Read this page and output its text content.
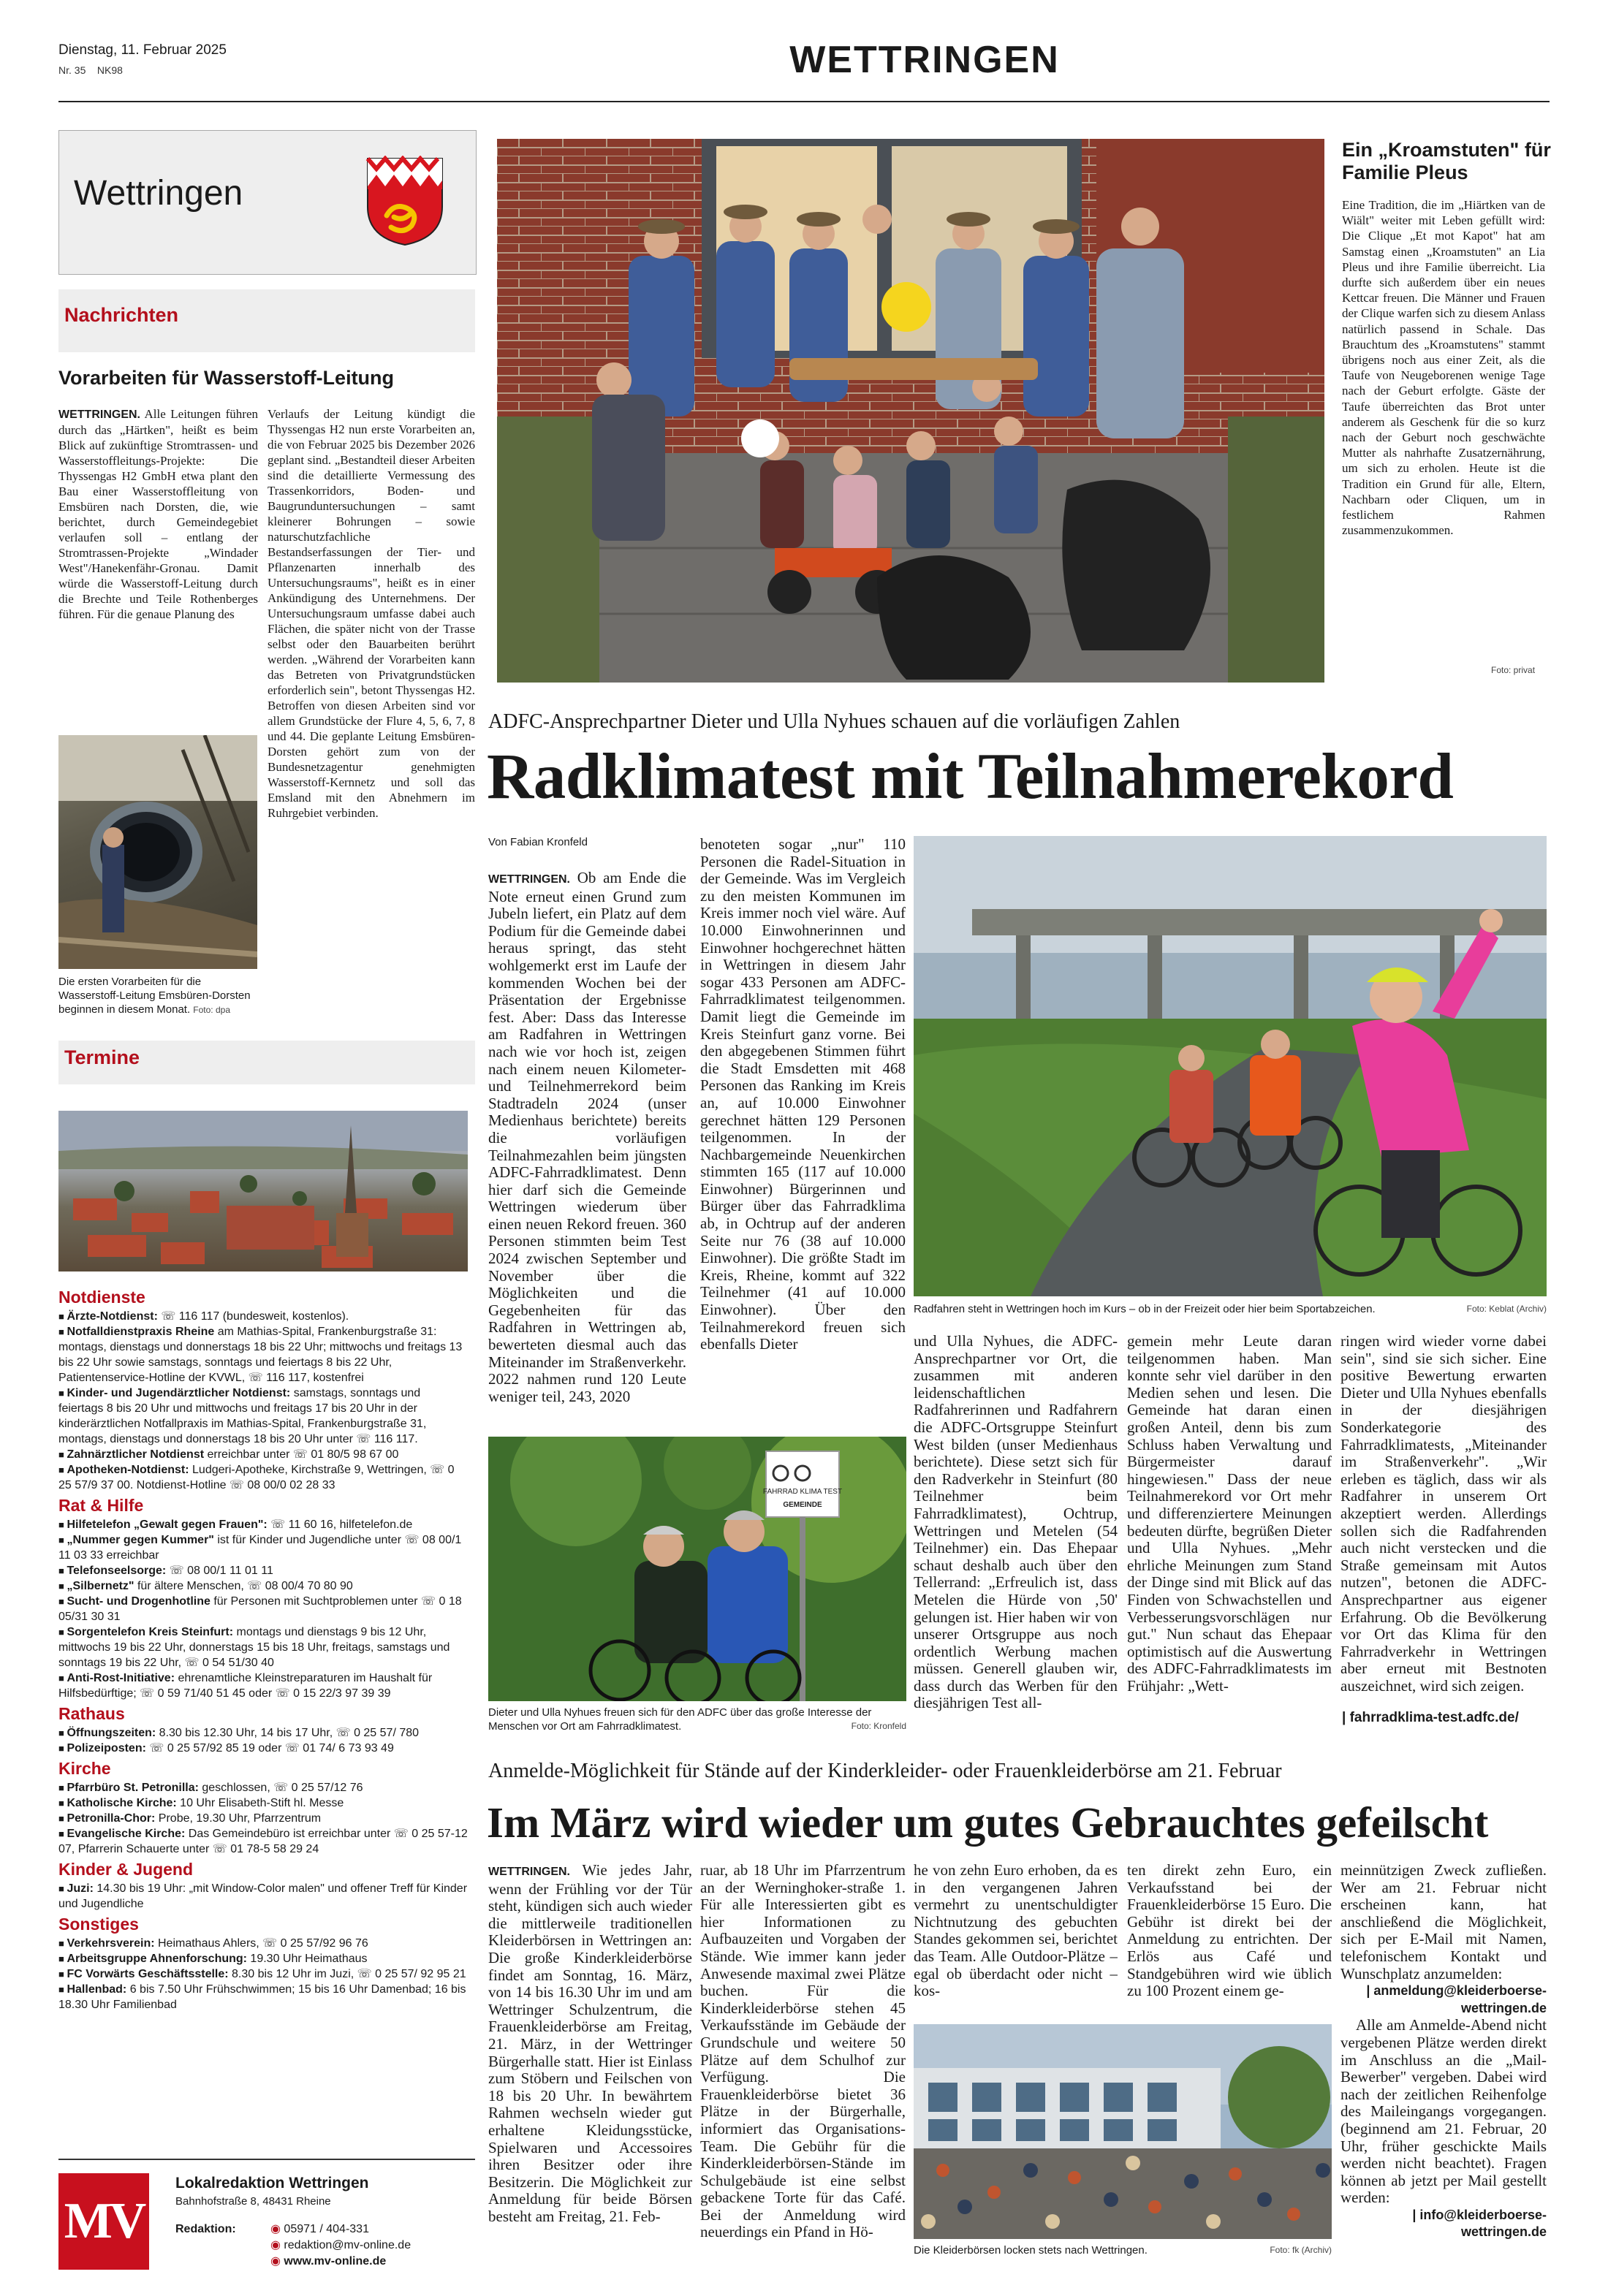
Dienstag, 11. Februar 2025
Nr. 35 NK98	WETTRINGEN
Wettringen
Nachrichten
Vorarbeiten für Wasserstoff-Leitung

WETTRINGEN. Alle Leitungen führen durch das „Härtken", heißt es beim Blick auf zukünftige Stromtrassen- und Wasserstoffleitungs-Projekte: Die Thyssengas H2 GmbH etwa plant den Bau einer Wasserstoffleitung von Emsbüren nach Dorsten, die, wie berichtet, durch Gemeindegebiet verlaufen soll – entlang der Stromtrassen-Projekte „Windader West"/Hanekenfähr-Gronau. Damit würde die Wasserstoff-Leitung durch die Brechte und Teile Rothenberges führen. Für die genaue Planung des

Verlaufs der Leitung kündigt die Thyssengas H2 nun erste Vorarbeiten an, die von Februar 2025 bis Dezember 2026 geplant sind. „Bestandteil dieser Arbeiten sind die detaillierte Vermessung des Trassenkorridors, Boden- und Baugrunduntersuchungen – samt kleinerer Bohrungen – sowie naturschutzfachliche Bestandserfassungen der Tier- und Pflanzenarten innerhalb des Untersuchungsraums", heißt es in einer Ankündigung des Unternehmens. Der Untersuchungsraum umfasse dabei auch Flächen, die später nicht von der Trasse selbst oder den Bauarbeiten berührt werden. „Während der Vorarbeiten kann das Betreten von Privatgrundstücken erforderlich sein", betont Thyssengas H2. Betroffen von diesen Arbeiten sind vor allem Grundstücke der Flure 4, 5, 6, 7, 8 und 44. Die geplante Leitung Emsbüren-Dorsten gehört zum von der Bundesnetzagentur genehmigten Wasserstoff-Kernnetz und soll das Emsland mit den Abnehmern im Ruhrgebiet verbinden.

Die ersten Vorarbeiten für die Wasserstoff-Leitung Emsbüren-Dorsten beginnen in diesem Monat. Foto: dpa
Termine
Notdienste

■ Ärzte-Notdienst: ☏ 116 117 (bundesweit, kostenlos).

■ Notfalldienstpraxis Rheine am Mathias-Spital, Frankenburgstraße 31: montags, dienstags und donnerstags 18 bis 22 Uhr; mittwochs und freitags 13 bis 22 Uhr sowie samstags, sonntags und feiertags 8 bis 22 Uhr, Patientenservice-Hotline der KVWL, ☏ 116 117, kostenfrei

■ Kinder- und Jugendärztlicher Notdienst: samstags, sonntags und feiertags 8 bis 20 Uhr und mittwochs und freitags 17 bis 20 Uhr in der kinderärztlichen Notfallpraxis im Mathias-Spital, Frankenburgstraße 31, montags, dienstags und donnerstags 18 bis 20 Uhr unter ☏ 116 117.

■ Zahnärztlicher Notdienst erreichbar unter ☏ 01 80/5 98 67 00

■ Apotheken-Notdienst: Ludgeri-Apotheke, Kirchstraße 9, Wettringen, ☏ 0 25 57/9 37 00. Notdienst-Hotline ☏ 08 00/0 02 28 33

Rat & Hilfe

■ Hilfetelefon „Gewalt gegen Frauen": ☏ 11 60 16, hilfetelefon.de

■ „Nummer gegen Kummer" ist für Kinder und Jugendliche unter ☏ 08 00/1 11 03 33 erreichbar

■ Telefonseelsorge: ☏ 08 00/1 11 01 11

■ „Silbernetz" für ältere Menschen, ☏ 08 00/4 70 80 90

■ Sucht- und Drogenhotline für Personen mit Suchtproblemen unter ☏ 0 18 05/31 30 31

■ Sorgentelefon Kreis Steinfurt: montags und dienstags 9 bis 12 Uhr, mittwochs 19 bis 22 Uhr, donnerstags 15 bis 18 Uhr, freitags, samstags und sonntags 19 bis 22 Uhr, ☏ 0 54 51/30 40

■ Anti-Rost-Initiative: ehrenamtliche Kleinstreparaturen im Haushalt für Hilfsbedürftige; ☏ 0 59 71/40 51 45 oder ☏ 0 15 22/3 97 39 39

Rathaus

■ Öffnungszeiten: 8.30 bis 12.30 Uhr, 14 bis 17 Uhr, ☏ 0 25 57/ 780

■ Polizeiposten: ☏ 0 25 57/92 85 19 oder ☏ 01 74/ 6 73 93 49

Kirche

■ Pfarrbüro St. Petronilla: geschlossen, ☏ 0 25 57/12 76

■ Katholische Kirche: 10 Uhr Elisabeth-Stift hl. Messe

■ Petronilla-Chor: Probe, 19.30 Uhr, Pfarrzentrum

■ Evangelische Kirche: Das Gemeindebüro ist erreichbar unter ☏ 0 25 57-12 07, Pfarrerin Schauerte unter ☏ 01 78-5 58 29 24

Kinder & Jugend

■ Juzi: 14.30 bis 19 Uhr: „mit Window-Color malen" und offener Treff für Kinder und Jugendliche

Sonstiges

■ Verkehrsverein: Heimathaus Ahlers, ☏ 0 25 57/92 96 76

■ Arbeitsgruppe Ahnenforschung: 19.30 Uhr Heimathaus

■ FC Vorwärts Geschäftsstelle: 8.30 bis 12 Uhr im Juzi, ☏ 0 25 57/ 92 95 21

■ Hallenbad: 6 bis 7.50 Uhr Frühschwimmen; 15 bis 16 Uhr Damenbad; 16 bis 18.30 Uhr Familienbad

MV
Lokalredaktion Wettringen
Bahnhofstraße 8, 48431 Rheine
Redaktion:	◉ 05971 / 404-331
◉ redaktion@mv-online.de
◉ www.mv-online.de
Ein „Kroamstuten" für Familie Pleus

Eine Tradition, die im „Hiärtken van de Wiält" weiter mit Leben gefüllt wird: Die Clique „Et mot Kapot" hat am Samstag einen „Kroamstuten" an Lia Pleus und ihre Familie überreicht. Lia durfte sich außerdem über ein neues Kettcar freuen. Die Männer und Frauen der Clique warfen sich zu diesem Anlass natürlich passend in Schale. Das Brauchtum des „Kroamstutens" stammt übrigens noch aus einer Zeit, als die Taufe von Neugeborenen wenige Tage nach der Geburt erfolgte. Gäste der Taufe überreichten das Brot unter anderem als Geschenk für die so kurz nach der Geburt noch geschwächte Mutter als nahrhafte Zusatzernährung, um sich zu erholen. Heute ist die Tradition ein Grund für alle, Eltern, Nachbarn oder Cliquen, um in festlichem Rahmen zusammenzukommen.

Foto: privat
ADFC-Ansprechpartner Dieter und Ulla Nyhues schauen auf die vorläufigen Zahlen
Radklimatest mit Teilnahmerekord
Von Fabian Kronfeld

WETTRINGEN. Ob am Ende die Note erneut einen Grund zum Jubeln liefert, ein Platz auf dem Podium für die Gemeinde dabei heraus springt, das steht wohlgemerkt erst im Laufe der kommenden Wochen bei der Präsentation der Ergebnisse fest. Aber: Dass das Interesse am Radfahren in Wettringen nach wie vor hoch ist, zeigen nach einem neuen Kilometer- und Teilnehmerrekord beim Stadtradeln 2024 (unser Medienhaus berichtete) bereits die vorläufigen Teilnahmezahlen beim jüngsten ADFC-Fahrradklimatest. Denn hier darf sich die Gemeinde Wettringen wiederum über einen neuen Rekord freuen. 360 Personen stimmten beim Test 2024 zwischen September und November über die Möglichkeiten und die Gegebenheiten für das Radfahren in Wettringen ab, bewerteten diesmal auch das Miteinander im Straßenverkehr. 2022 nahmen rund 120 Leute weniger teil, 243, 2020

benoteten sogar „nur" 110 Personen die Radel-Situation in der Gemeinde. Was im Vergleich zu den meisten Kommunen im Kreis immer noch viel wäre. Auf 10.000 Einwohnerinnen und Einwohner hochgerechnet hätten in Wettringen in diesem Jahr sogar 433 Personen am ADFC-Fahrradklimatest teilgenommen. Damit liegt die Gemeinde im Kreis Steinfurt ganz vorne. Bei den abgegebenen Stimmen führt die Stadt Emsdetten mit 468 Personen das Ranking im Kreis an, auf 10.000 Einwohner gerechnet hätten 129 Personen teilgenommen. In der Nachbargemeinde Neuenkirchen stimmten 165 (117 auf 10.000 Einwohner) Bürgerinnen und Bürger über das Fahrradklima ab, in Ochtrup auf der anderen Seite nur 76 (38 auf 10.000 Einwohner). Die größte Stadt im Kreis, Rheine, kommt auf 322 Teilnehmer (41 auf 10.000 Einwohner). Über den Teilnahmerekord freuen sich ebenfalls Dieter

Radfahren steht in Wettringen hoch im Kurs – ob in der Freizeit oder hier beim Sportabzeichen.	Foto: Keblat (Archiv)

und Ulla Nyhues, die ADFC-Ansprechpartner vor Ort, die zusammen mit anderen leidenschaftlichen Radfahrerinnen und Radfahrern die ADFC-Ortsgruppe Steinfurt West bilden (unser Medienhaus berichtete). Diese setzt sich für den Radverkehr in Steinfurt (80 Teilnehmer beim Fahrradklimatest), Ochtrup, Wettringen und Metelen (54 Teilnehmer) ein. Das Ehepaar schaut deshalb auch über den Tellerrand: „Erfreulich ist, dass Metelen die Hürde von ‚50' gelungen ist. Hier haben wir von unserer Ortsgruppe aus noch ordentlich Werbung machen müssen. Generell glauben wir, dass durch das Werben für den diesjährigen Test all-

gemein mehr Leute daran teilgenommen haben. Man konnte sehr viel darüber in den Medien sehen und lesen. Die Gemeinde hat daran einen großen Anteil, denn bis zum Schluss haben Verwaltung und Bürgermeister darauf hingewiesen." Dass der neue Teilnahmerekord vor Ort mehr und differenziertere Meinungen bedeuten dürfte, begrüßen Dieter und Ulla Nyhues. „Mehr ehrliche Meinungen zum Stand der Dinge sind mit Blick auf das Finden von Schwachstellen und Verbesserungsvorschlägen nur gut." Nun schaut das Ehepaar optimistisch auf die Auswertung des ADFC-Fahrradklimatests im Frühjahr: „Wett-

ringen wird wieder vorne dabei sein", sind sie sich sicher. Eine positive Bewertung erwarten Dieter und Ulla Nyhues ebenfalls in der diesjährigen Sonderkategorie des Fahrradklimatests, „Miteinander im Straßenverkehr". „Wir erleben es täglich, dass wir als Radfahrer in unserem Ort akzeptiert werden. Allerdings sollen sich die Radfahrenden auch nicht verstecken und die Straße gemeinsam mit Autos nutzen", betonen die ADFC-Ansprechpartner aus eigener Erfahrung. Ob die Bevölkerung vor Ort das Klima für den Fahrradverkehr in Wettringen aber erneut mit Bestnoten auszeichnet, wird sich zeigen.

| fahrradklima-test.adfc.de/
FAHRRAD KLIMA TEST
GEMEINDE
Dieter und Ulla Nyhues freuen sich für den ADFC über das große Interesse der Menschen vor Ort am Fahrradklimatest.	Foto: Kronfeld
Anmelde-Möglichkeit für Stände auf der Kinderkleider- oder Frauenkleiderbörse am 21. Februar
Im März wird wieder um gutes Gebrauchtes gefeilscht

WETTRINGEN. Wie jedes Jahr, wenn der Frühling vor der Tür steht, kündigen sich auch wieder die mittlerweile traditionellen Kleiderbörsen in Wettringen an: Die große Kinderkleiderbörse findet am Sonntag, 16. März, von 14 bis 16.30 Uhr im und am Wettringer Schulzentrum, die Frauenkleiderbörse am Freitag, 21. März, in der Wettringer Bürgerhalle statt. Hier ist Einlass zum Stöbern und Feilschen von 18 bis 20 Uhr. In bewährtem Rahmen wechseln wieder gut erhaltene Kleidungsstücke, Spielwaren und Accessoires ihren Besitzer oder ihre Besitzerin. Die Möglichkeit zur Anmeldung für beide Börsen besteht am Freitag, 21. Feb-

ruar, ab 18 Uhr im Pfarrzentrum an der Werninghoker-straße 1. Für alle Interessierten gibt es hier Informationen zu Aufbauzeiten und Vorgaben der Stände. Wie immer kann jeder Anwesende maximal zwei Plätze buchen. Für die Kinderkleiderbörse stehen 45 Verkaufsstände im Gebäude der Grundschule und weitere 50 Plätze auf dem Schulhof zur Verfügung. Die Frauenkleiderbörse bietet 36 Plätze in der Bürgerhalle, informiert das Organisations-Team. Die Gebühr für die Kinderkleiderbörsen-Stände im Schulgebäude ist eine selbst gebackene Torte für das Café. Bei der Anmeldung wird neuerdings ein Pfand in Hö-

he von zehn Euro erhoben, da es in den vergangenen Jahren vermehrt zu unentschuldigter Nichtnutzung des gebuchten Standes gekommen sei, berichtet das Team. Alle Outdoor-Plätze – egal ob überdacht oder nicht – kos-

ten direkt zehn Euro, ein Verkaufsstand bei der Frauenkleiderbörse 15 Euro. Die Gebühr ist direkt bei der Anmeldung zu entrichten. Der Erlös aus Café und Standgebühren wird wie üblich zu 100 Prozent einem ge-

meinnützigen Zweck zufließen. Wer am 21. Februar nicht erscheinen kann, hat anschließend die Möglichkeit, sich per E-Mail mit Namen, telefonischem Kontakt und Wunschplatz anzumelden:

| anmeldung@kleiderboerse-wettringen.de

Alle am Anmelde-Abend nicht vergebenen Plätze werden direkt im Anschluss an die „Mail-Bewerber" vergeben. Dabei wird nach der zeitlichen Reihenfolge des Maileingangs vorgegangen. (beginnend am 21. Februar, 20 Uhr, früher geschickte Mails werden nicht beachtet). Fragen können ab jetzt per Mail gestellt werden:

| info@kleiderboerse-wettringen.de

Die Kleiderbörsen locken stets nach Wettringen.	Foto: fk (Archiv)
